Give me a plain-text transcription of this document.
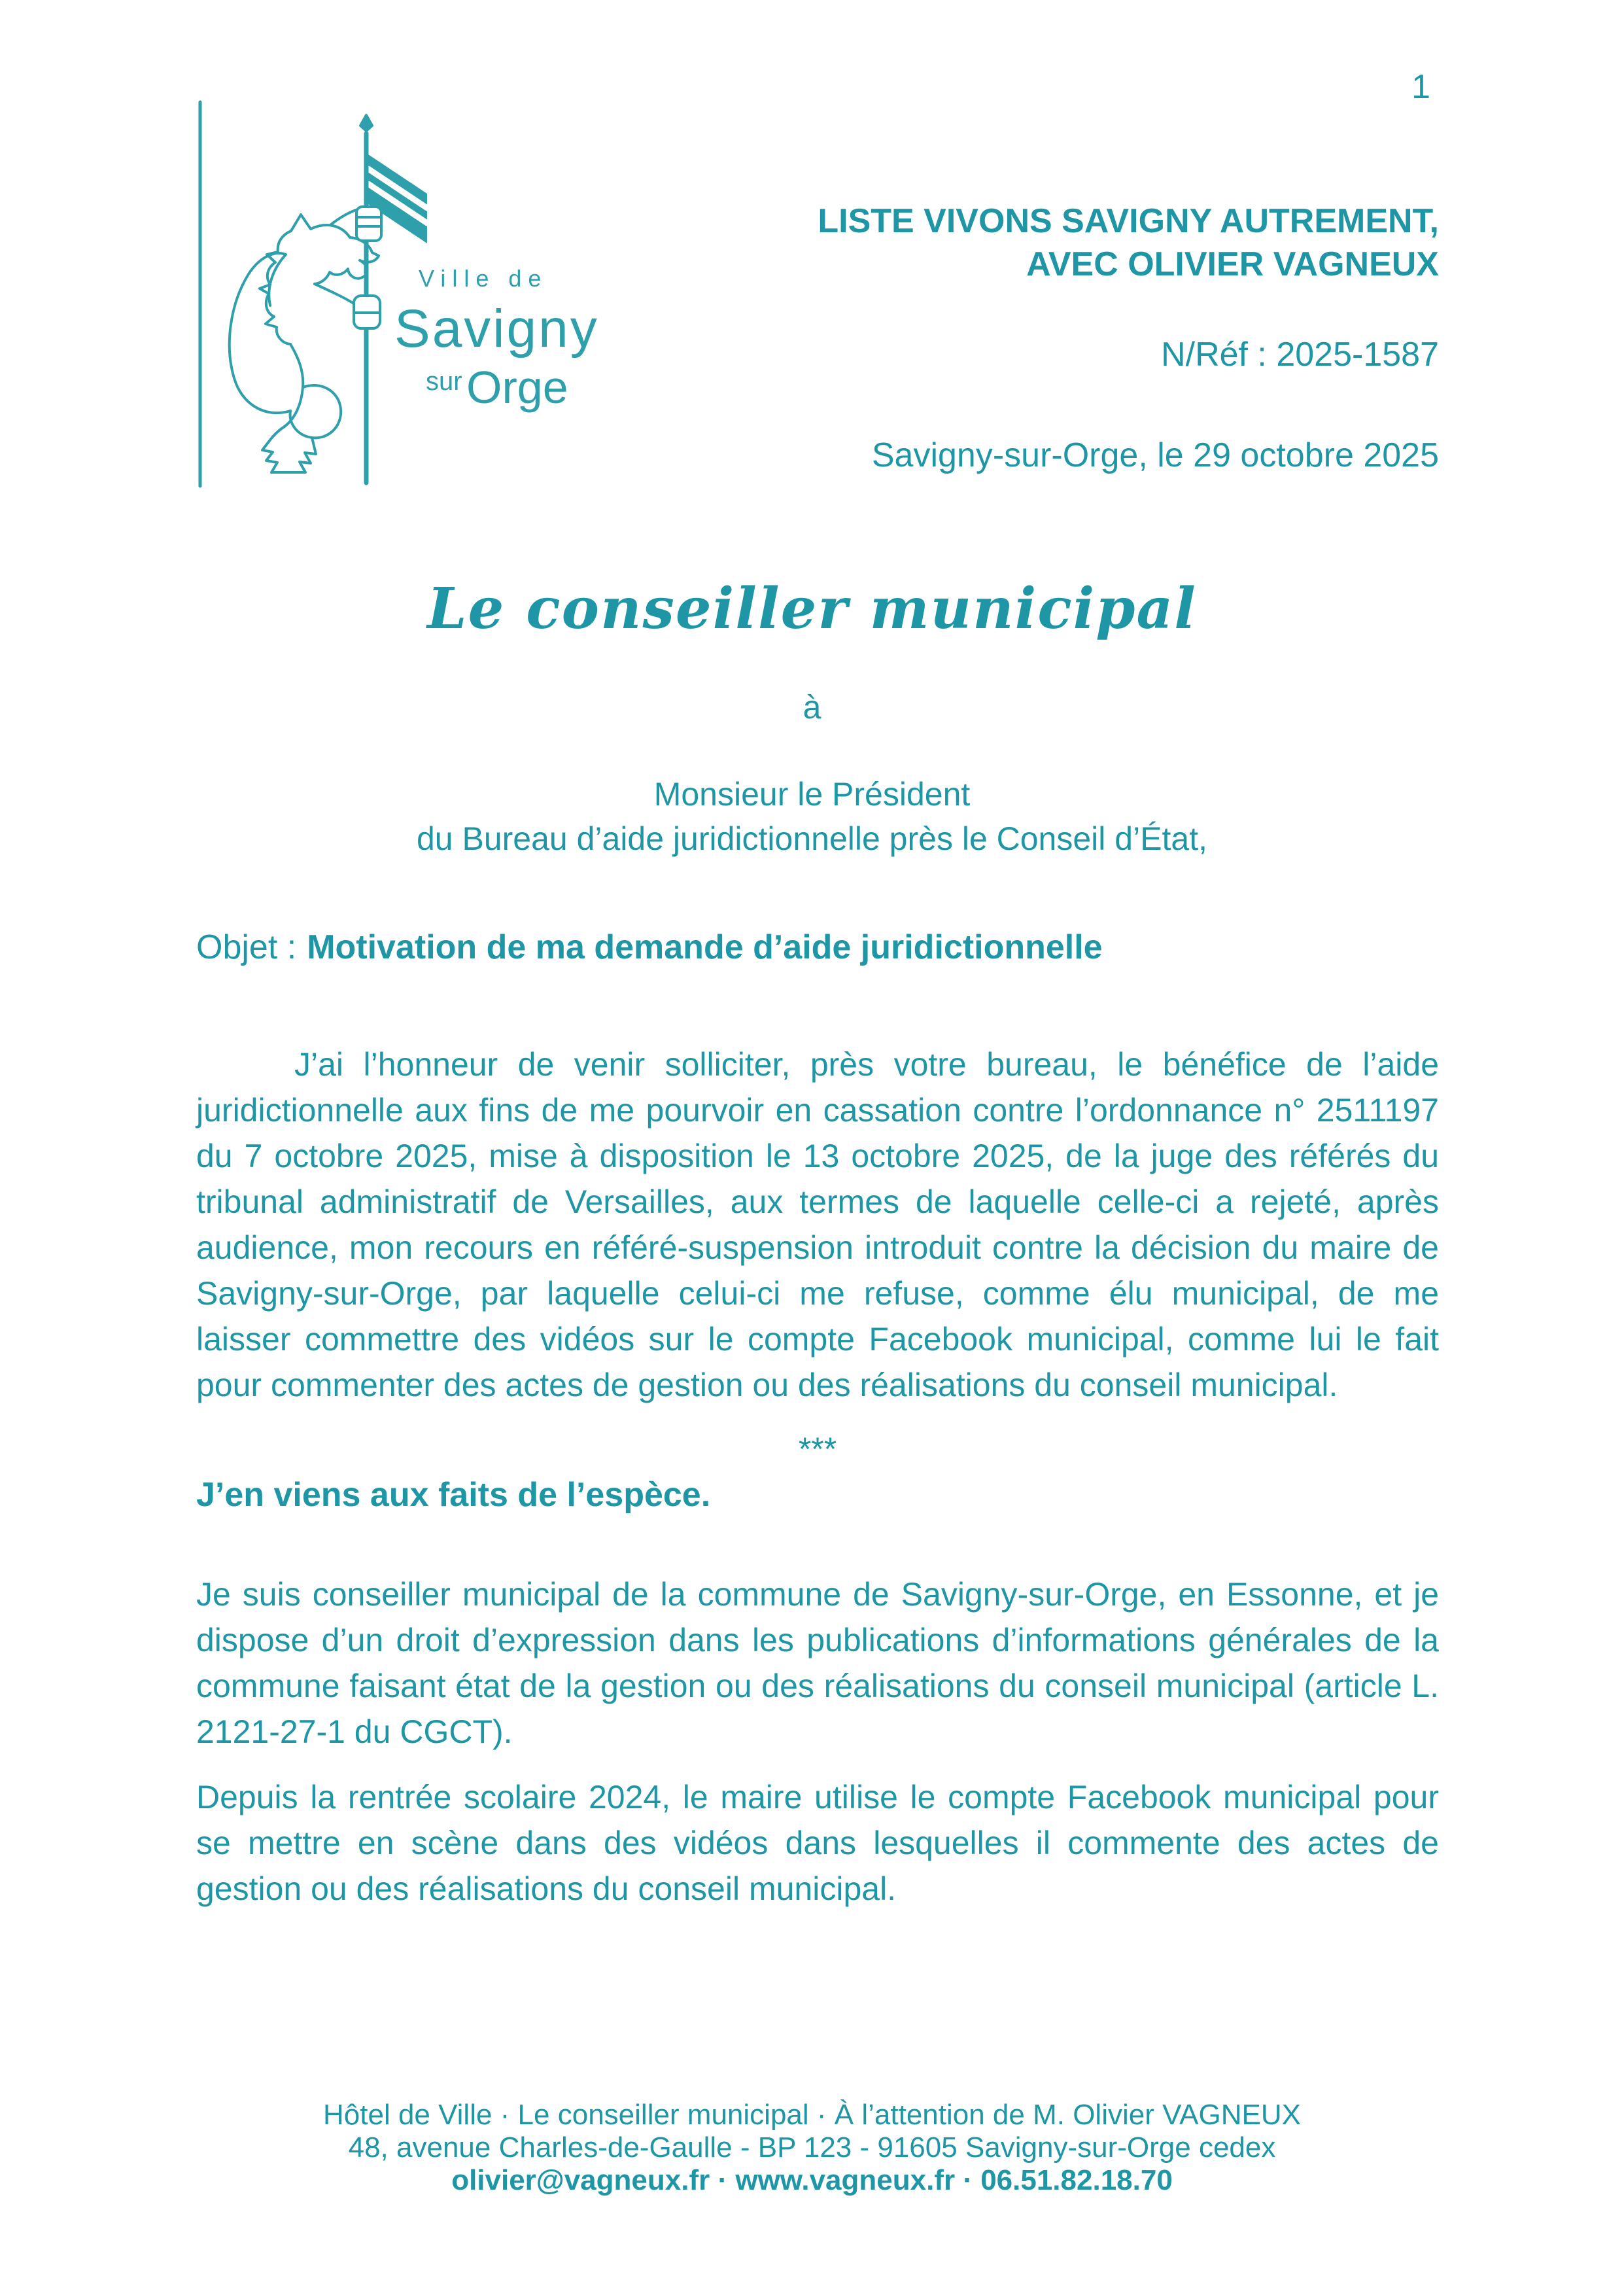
1
Ville de
Savigny
sur Orge
LISTE VIVONS SAVIGNY AUTREMENT,
AVEC OLIVIER VAGNEUX
N/Réf : 2025-1587
Savigny-sur-Orge, le 29 octobre 2025
Le conseiller municipal
à
Monsieur le Président
du Bureau d’aide juridictionnelle près le Conseil d’État,
Objet : Motivation de ma demande d’aide juridictionnelle

J’ai l’honneur de venir solliciter, près votre bureau, le bénéfice de l’aide juridictionnelle aux fins de me pourvoir en cassation contre l’ordonnance n° 2511197 du 7 octobre 2025, mise à disposition le 13 octobre 2025, de la juge des référés du tribunal administratif de Versailles, aux termes de laquelle celle-ci a rejeté, après audience, mon recours en référé-suspension introduit contre la décision du maire de Savigny-sur-Orge, par laquelle celui-ci me refuse, comme élu municipal, de me laisser commettre des vidéos sur le compte Facebook municipal, comme lui le fait pour commenter des actes de gestion ou des réalisations du conseil municipal.

***

J’en viens aux faits de l’espèce.

Je suis conseiller municipal de la commune de Savigny-sur-Orge, en Essonne, et je dispose d’un droit d’expression dans les publications d’informations générales de la commune faisant état de la gestion ou des réalisations du conseil municipal (article L. 2121-27-1 du CGCT).

Depuis la rentrée scolaire 2024, le maire utilise le compte Facebook municipal pour se mettre en scène dans des vidéos dans lesquelles il commente des actes de gestion ou des réalisations du conseil municipal.

Hôtel de Ville · Le conseiller municipal · À l’attention de M. Olivier VAGNEUX
48, avenue Charles-de-Gaulle - BP 123 - 91605 Savigny-sur-Orge cedex
olivier@vagneux.fr · www.vagneux.fr · 06.51.82.18.70
